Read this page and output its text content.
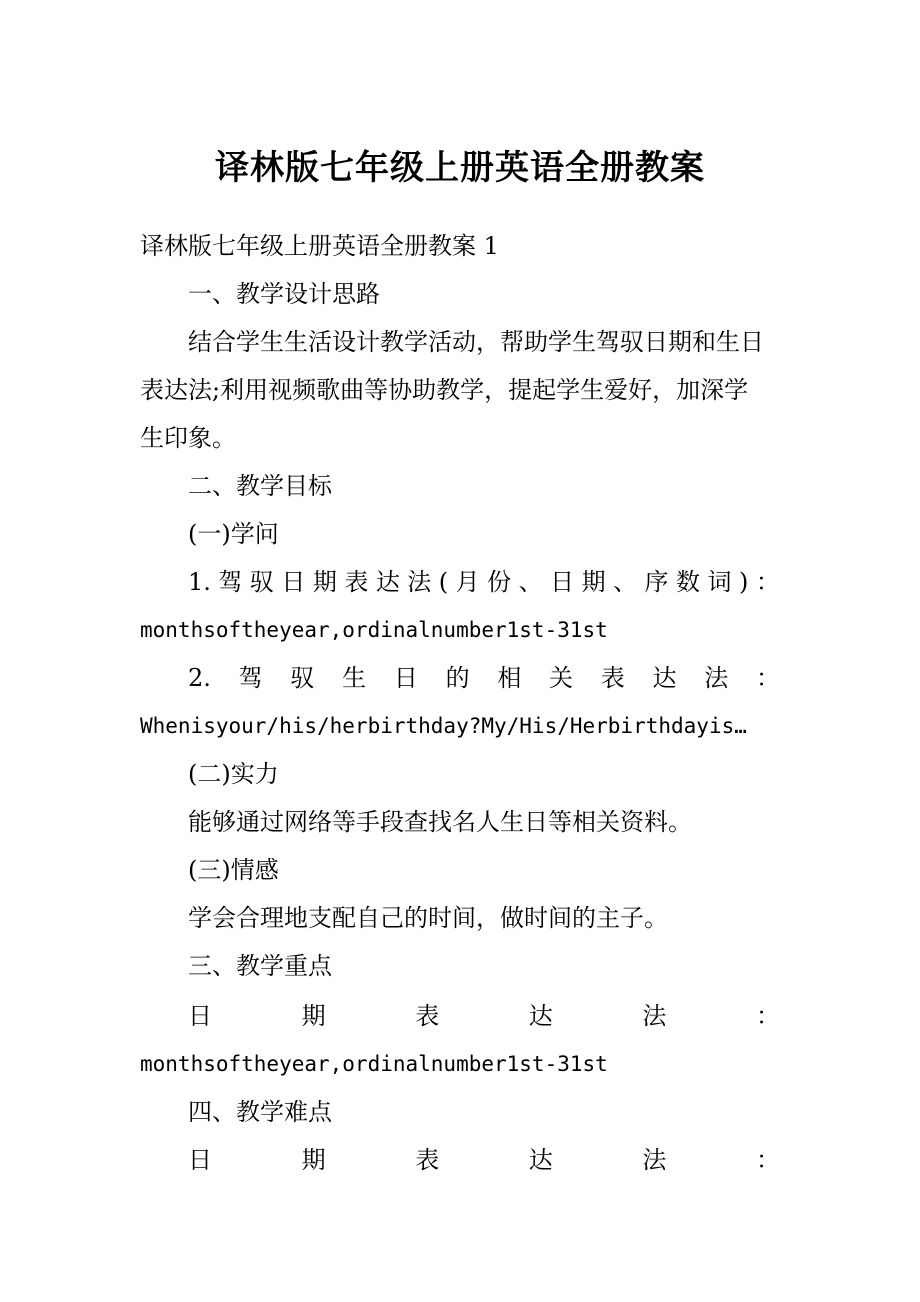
译林版七年级上册英语全册教案
译林版七年级上册英语全册教案 1
一、教学设计思路
结合学生生活设计教学活动，帮助学生驾驭日期和生日
表达法;利用视频歌曲等协助教学，提起学生爱好，加深学
生印象。
二、教学目标
(一)学问
1. 驾 驭 日 期 表 达 法 ( 月 份 、 日 期 、 序 数 词 ) ：
monthsoftheyear,ordinalnumber1st-31st
2. 驾 驭 生 日 的 相 关 表 达 法 ：
Whenisyour/his/herbirthday?My/His/Herbirthdayis…
(二)实力
能够通过网络等手段查找名人生日等相关资料。
(三)情感
学会合理地支配自己的时间，做时间的主子。
三、教学重点
日	期	表	达	法	：
monthsoftheyear,ordinalnumber1st-31st
四、教学难点
日	期	表	达	法	：
